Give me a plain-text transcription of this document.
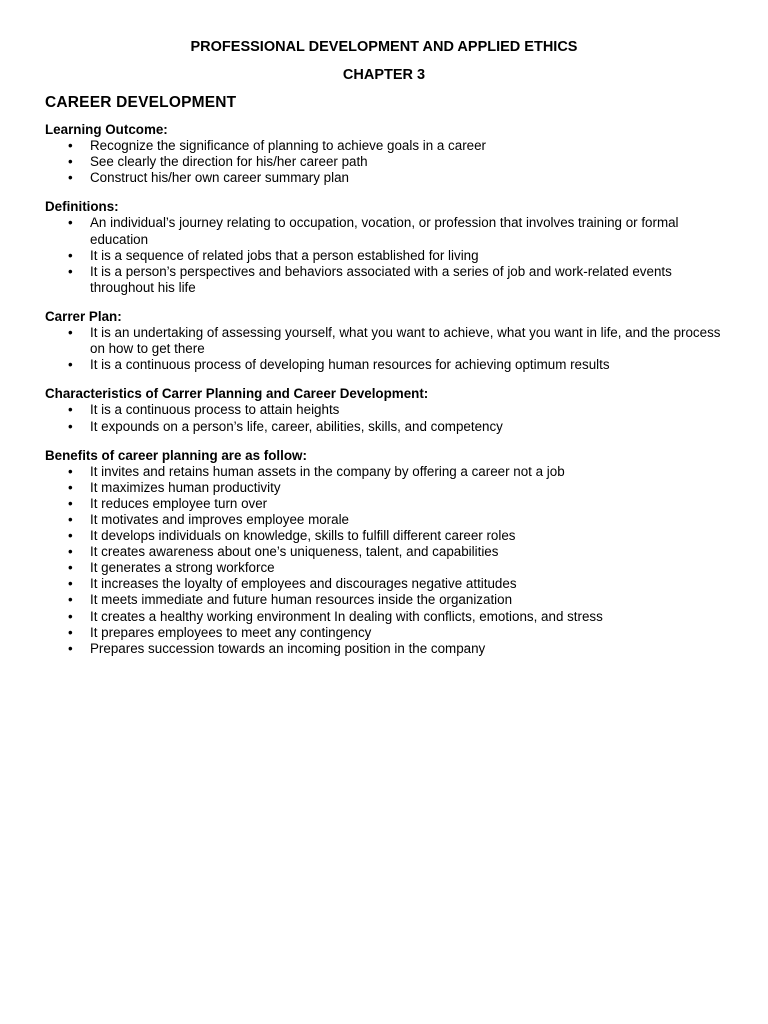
PROFESSIONAL DEVELOPMENT AND APPLIED ETHICS
CHAPTER 3
CAREER DEVELOPMENT
Learning Outcome:
• Recognize the significance of planning to achieve goals in a career
• See clearly the direction for his/her career path
• Construct his/her own career summary plan
Definitions:
• An individual’s journey relating to occupation, vocation, or profession that involves training or formal education
• It is a sequence of related jobs that a person established for living
• It is a person’s perspectives and behaviors associated with a series of job and work-related events throughout his life
Carrer Plan:
• It is an undertaking of assessing yourself, what you want to achieve, what you want in life, and the process on how to get there
• It is a continuous process of developing human resources for achieving optimum results
Characteristics of Carrer Planning and Career Development:
• It is a continuous process to attain heights
• It expounds on a person’s life, career, abilities, skills, and competency
Benefits of career planning are as follow:
• It invites and retains human assets in the company by offering a career not a job
• It maximizes human productivity
• It reduces employee turn over
• It motivates and improves employee morale
• It develops individuals on knowledge, skills to fulfill different career roles
• It creates awareness about one’s uniqueness, talent, and capabilities
• It generates a strong workforce
• It increases the loyalty of employees and discourages negative attitudes
• It meets immediate and future human resources inside the organization
• It creates a healthy working environment In dealing with conflicts, emotions, and stress
• It prepares employees to meet any contingency
• Prepares succession towards an incoming position in the company
